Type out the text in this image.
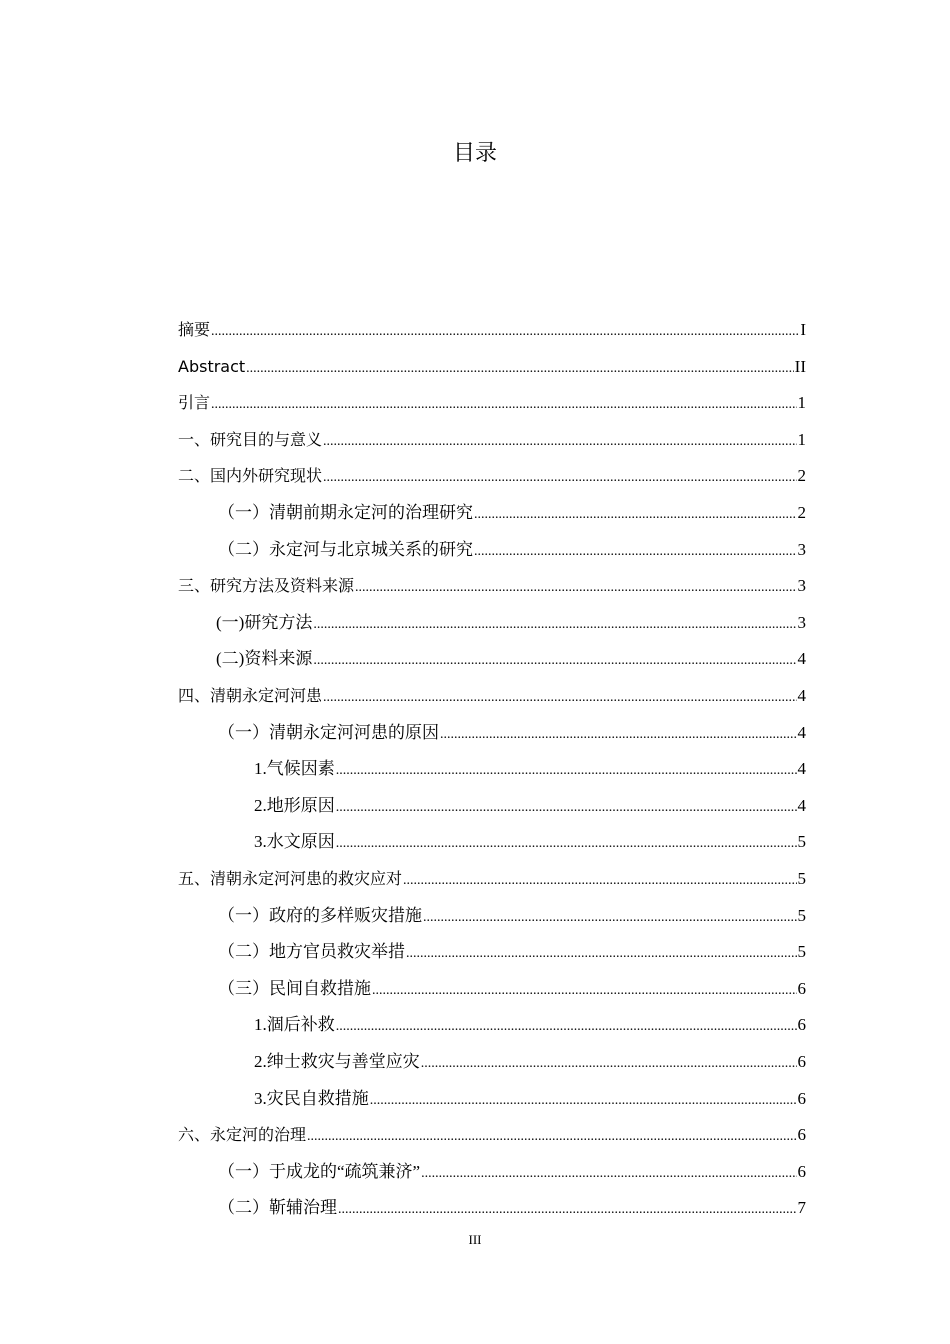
目录
摘要 .....	I
Abstract .....	II
引言 .....	1
一、研究目的与意义 .....	1
二、国内外研究现状 .....	2
（一）清朝前期永定河的治理研究 .....	2
（二）永定河与北京城关系的研究 .....	3
三、研究方法及资料来源 .....	3
(一)研究方法 .....	3
(二)资料来源 .....	4
四、清朝永定河河患 .....	4
（一）清朝永定河河患的原因 .....	4
1.气候因素 .....	4
2.地形原因 .....	4
3.水文原因 .....	5
五、清朝永定河河患的救灾应对 .....	5
（一）政府的多样贩灾措施 .....	5
（二）地方官员救灾举措 .....	5
（三）民间自救措施 .....	6
1.涸后补救 .....	6
2.绅士救灾与善堂应灾 .....	6
3.灾民自救措施 .....	6
六、永定河的治理 .....	6
（一）于成龙的“疏筑兼济” .....	6
（二）靳辅治理 .....	7
III
